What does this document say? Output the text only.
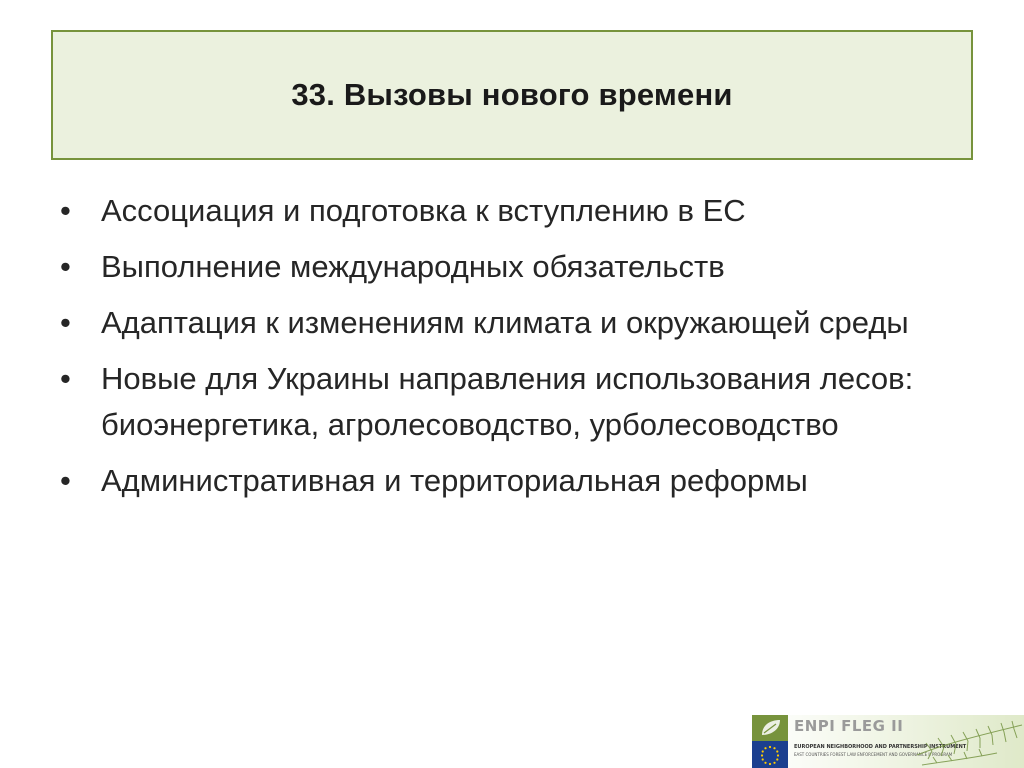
33. Вызовы нового времени
• Ассоциация и подготовка к вступлению в ЕС
• Выполнение международных обязательств
• Адаптация к изменениям климата и окружающей среды
• Новые для Украины направления использования лесов: биоэнергетика, агролесоводство, урболесоводство
• Административная и территориальная реформы
ENPI FLEG II
EUROPEAN NEIGHBORHOOD AND PARTNERSHIP INSTRUMENT
EAST COUNTRIES FOREST LAW ENFORCEMENT AND GOVERNANCE II PROGRAM
